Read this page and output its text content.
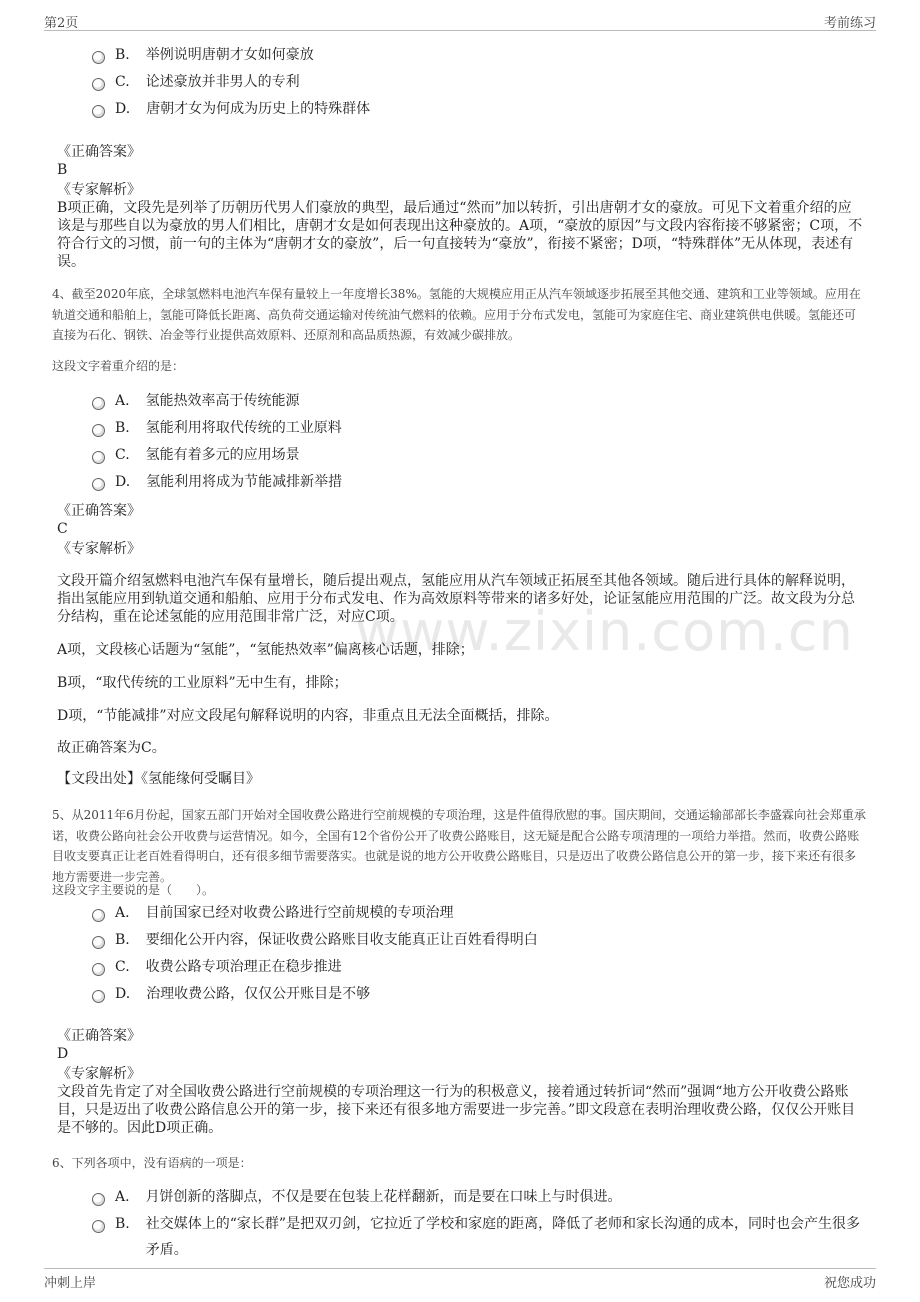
第2页	考前练习
www.zixin.com.cn
B. 举例说明唐朝才女如何豪放
C. 论述豪放并非男人的专利
D. 唐朝才女为何成为历史上的特殊群体
《正确答案》
B
《专家解析》
B项正确，文段先是列举了历朝历代男人们豪放的典型，最后通过“然而”加以转折，引出唐朝才女的豪放。可见下文着重介绍的应该是与那些自以为豪放的男人们相比，唐朝才女是如何表现出这种豪放的。A项，“豪放的原因”与文段内容衔接不够紧密；C项，不符合行文的习惯，前一句的主体为“唐朝才女的豪放”，后一句直接转为“豪放”，衔接不紧密；D项，“特殊群体”无从体现，表述有误。
4、截至2020年底，全球氢燃料电池汽车保有量较上一年度增长38%。氢能的大规模应用正从汽车领域逐步拓展至其他交通、建筑和工业等领域。应用在轨道交通和船舶上，氢能可降低长距离、高负荷交通运输对传统油气燃料的依赖。应用于分布式发电，氢能可为家庭住宅、商业建筑供电供暖。氢能还可直接为石化、钢铁、冶金等行业提供高效原料、还原剂和高品质热源，有效减少碳排放。
这段文字着重介绍的是：
A. 氢能热效率高于传统能源
B. 氢能利用将取代传统的工业原料
C. 氢能有着多元的应用场景
D. 氢能利用将成为节能减排新举措
《正确答案》
C
《专家解析》
文段开篇介绍氢燃料电池汽车保有量增长，随后提出观点，氢能应用从汽车领域正拓展至其他各领域。随后进行具体的解释说明，指出氢能应用到轨道交通和船舶、应用于分布式发电、作为高效原料等带来的诸多好处，论证氢能应用范围的广泛。故文段为分总分结构，重在论述氢能的应用范围非常广泛，对应C项。
A项，文段核心话题为“氢能”，“氢能热效率”偏离核心话题，排除；
B项，“取代传统的工业原料”无中生有，排除；
D项，“节能减排”对应文段尾句解释说明的内容，非重点且无法全面概括，排除。
故正确答案为C。
【文段出处】《氢能缘何受瞩目》
5、从2011年6月份起，国家五部门开始对全国收费公路进行空前规模的专项治理，这是件值得欣慰的事。国庆期间，交通运输部部长李盛霖向社会郑重承诺，收费公路向社会公开收费与运营情况。如今，全国有12个省份公开了收费公路账目，这无疑是配合公路专项清理的一项给力举措。然而，收费公路账目收支要真正让老百姓看得明白，还有很多细节需要落实。也就是说的地方公开收费公路账目，只是迈出了收费公路信息公开的第一步，接下来还有很多地方需要进一步完善。
这段文字主要说的是（　　）。
A. 目前国家已经对收费公路进行空前规模的专项治理
B. 要细化公开内容，保证收费公路账目收支能真正让百姓看得明白
C. 收费公路专项治理正在稳步推进
D. 治理收费公路，仅仅公开账目是不够
《正确答案》
D
《专家解析》
文段首先肯定了对全国收费公路进行空前规模的专项治理这一行为的积极意义，接着通过转折词“然而”强调“地方公开收费公路账目，只是迈出了收费公路信息公开的第一步，接下来还有很多地方需要进一步完善。”即文段意在表明治理收费公路，仅仅公开账目是不够的。因此D项正确。
6、下列各项中，没有语病的一项是：
A. 月饼创新的落脚点，不仅是要在包装上花样翻新，而是要在口味上与时俱进。
B. 社交媒体上的“家长群”是把双刃剑，它拉近了学校和家庭的距离，降低了老师和家长沟通的成本，同时也会产生很多矛盾。
冲刺上岸	祝您成功
